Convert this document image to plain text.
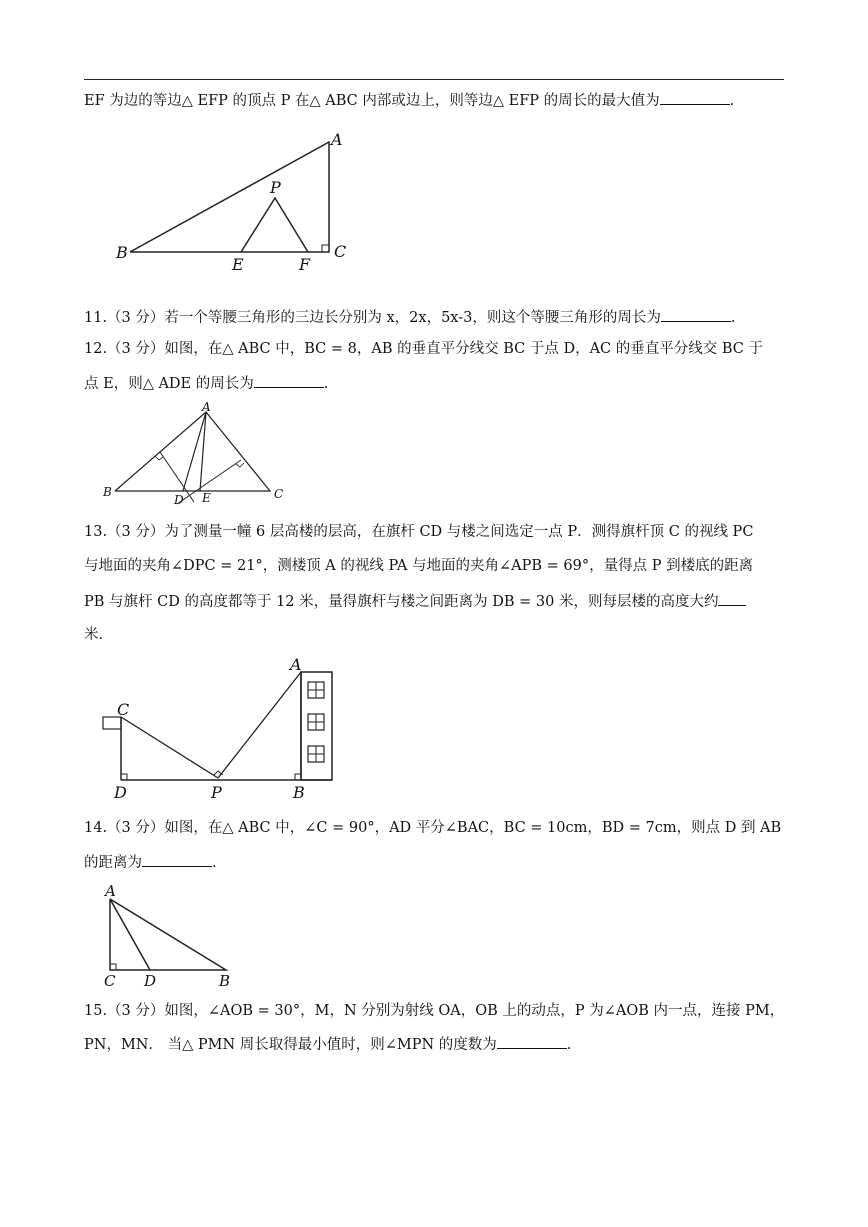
EF 为边的等边△ EFP 的顶点 P 在△ ABC 内部或边上，则等边△ EFP 的周长的最大值为	.
A
B	C
P
E	F
11.（3 分）若一个等腰三角形的三边长分别为 x，2x，5x-3，则这个等腰三角形的周长为	.
12.（3 分）如图，在△ ABC 中，BC = 8，AB 的垂直平分线交 BC 于点 D，AC 的垂直平分线交 BC 于
点 E，则△ ADE 的周长为	.
A
B	C
D E
13.（3 分）为了测量一幢 6 层高楼的层高，在旗杆 CD 与楼之间选定一点 P．测得旗杆顶 C 的视线 PC
与地面的夹角∠DPC = 21°，测楼顶 A 的视线 PA 与地面的夹角∠APB = 69°，量得点 P 到楼底的距离
PB 与旗杆 CD 的高度都等于 12 米，量得旗杆与楼之间距离为 DB = 30 米，则每层楼的高度大约
米．
A
C
D	P	B
14.（3 分）如图，在△ ABC 中，∠C = 90°，AD 平分∠BAC，BC = 10cm，BD = 7cm，则点 D 到 AB
的距离为	.
A
C D	B
15.（3 分）如图，∠AOB = 30°，M，N 分别为射线 OA，OB 上的动点，P 为∠AOB 内一点，连接 PM，
PN，MN． 当△ PMN 周长取得最小值时，则∠MPN 的度数为	.
